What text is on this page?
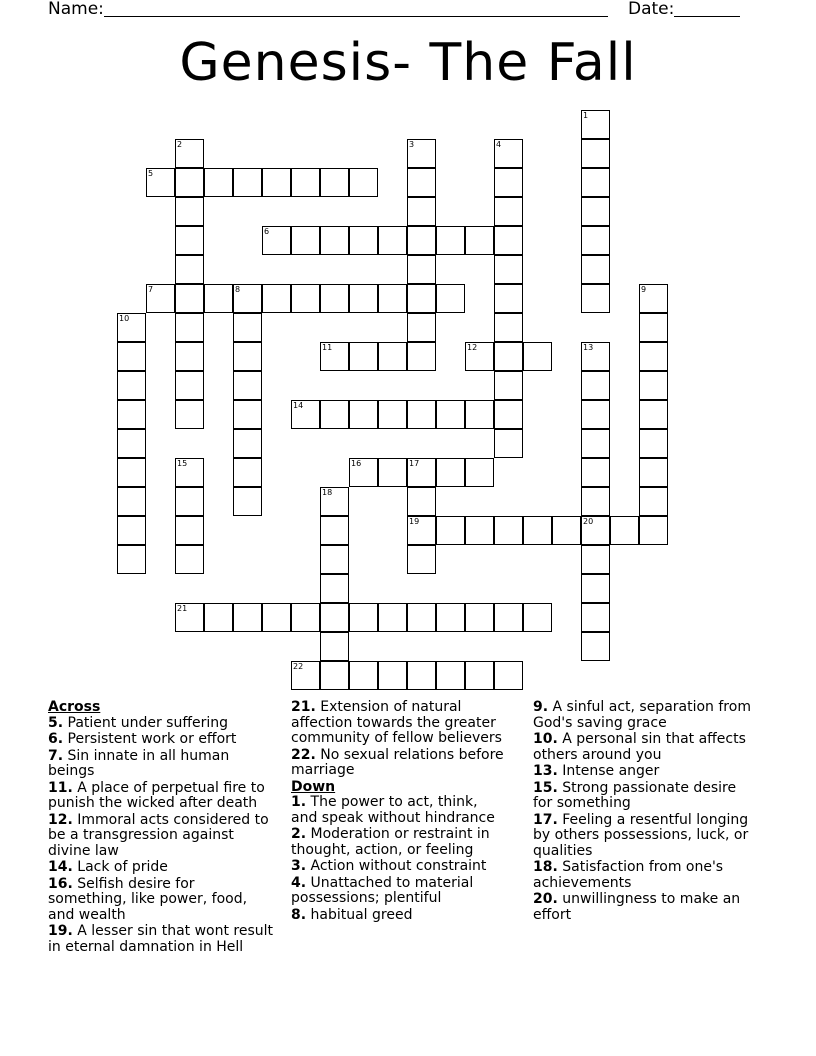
Name:	Date:
Genesis- The Fall
1
2	3	4
5
6
7	8	9
10
11	12	13
14
15	16	17
19
18
20
21
22
Across
5. Patient under suffering
6. Persistent work or effort
7. Sin innate in all human beings
11. A place of perpetual fire to punish the wicked after death
12. Immoral acts considered to be a transgression against divine law
14. Lack of pride
16. Selfish desire for something, like power, food, and wealth
19. A lesser sin that wont result in eternal damnation in Hell
21. Extension of natural affection towards the greater community of fellow believers
22. No sexual relations before marriage
Down
1. The power to act, think, and speak without hindrance
2. Moderation or restraint in thought, action, or feeling
3. Action without constraint
4. Unattached to material possessions; plentiful
8. habitual greed
9. A sinful act, separation from God's saving grace
10. A personal sin that affects others around you
13. Intense anger
15. Strong passionate desire for something
17. Feeling a resentful longing by others possessions, luck, or qualities
18. Satisfaction from one's achievements
20. unwillingness to make an effort
